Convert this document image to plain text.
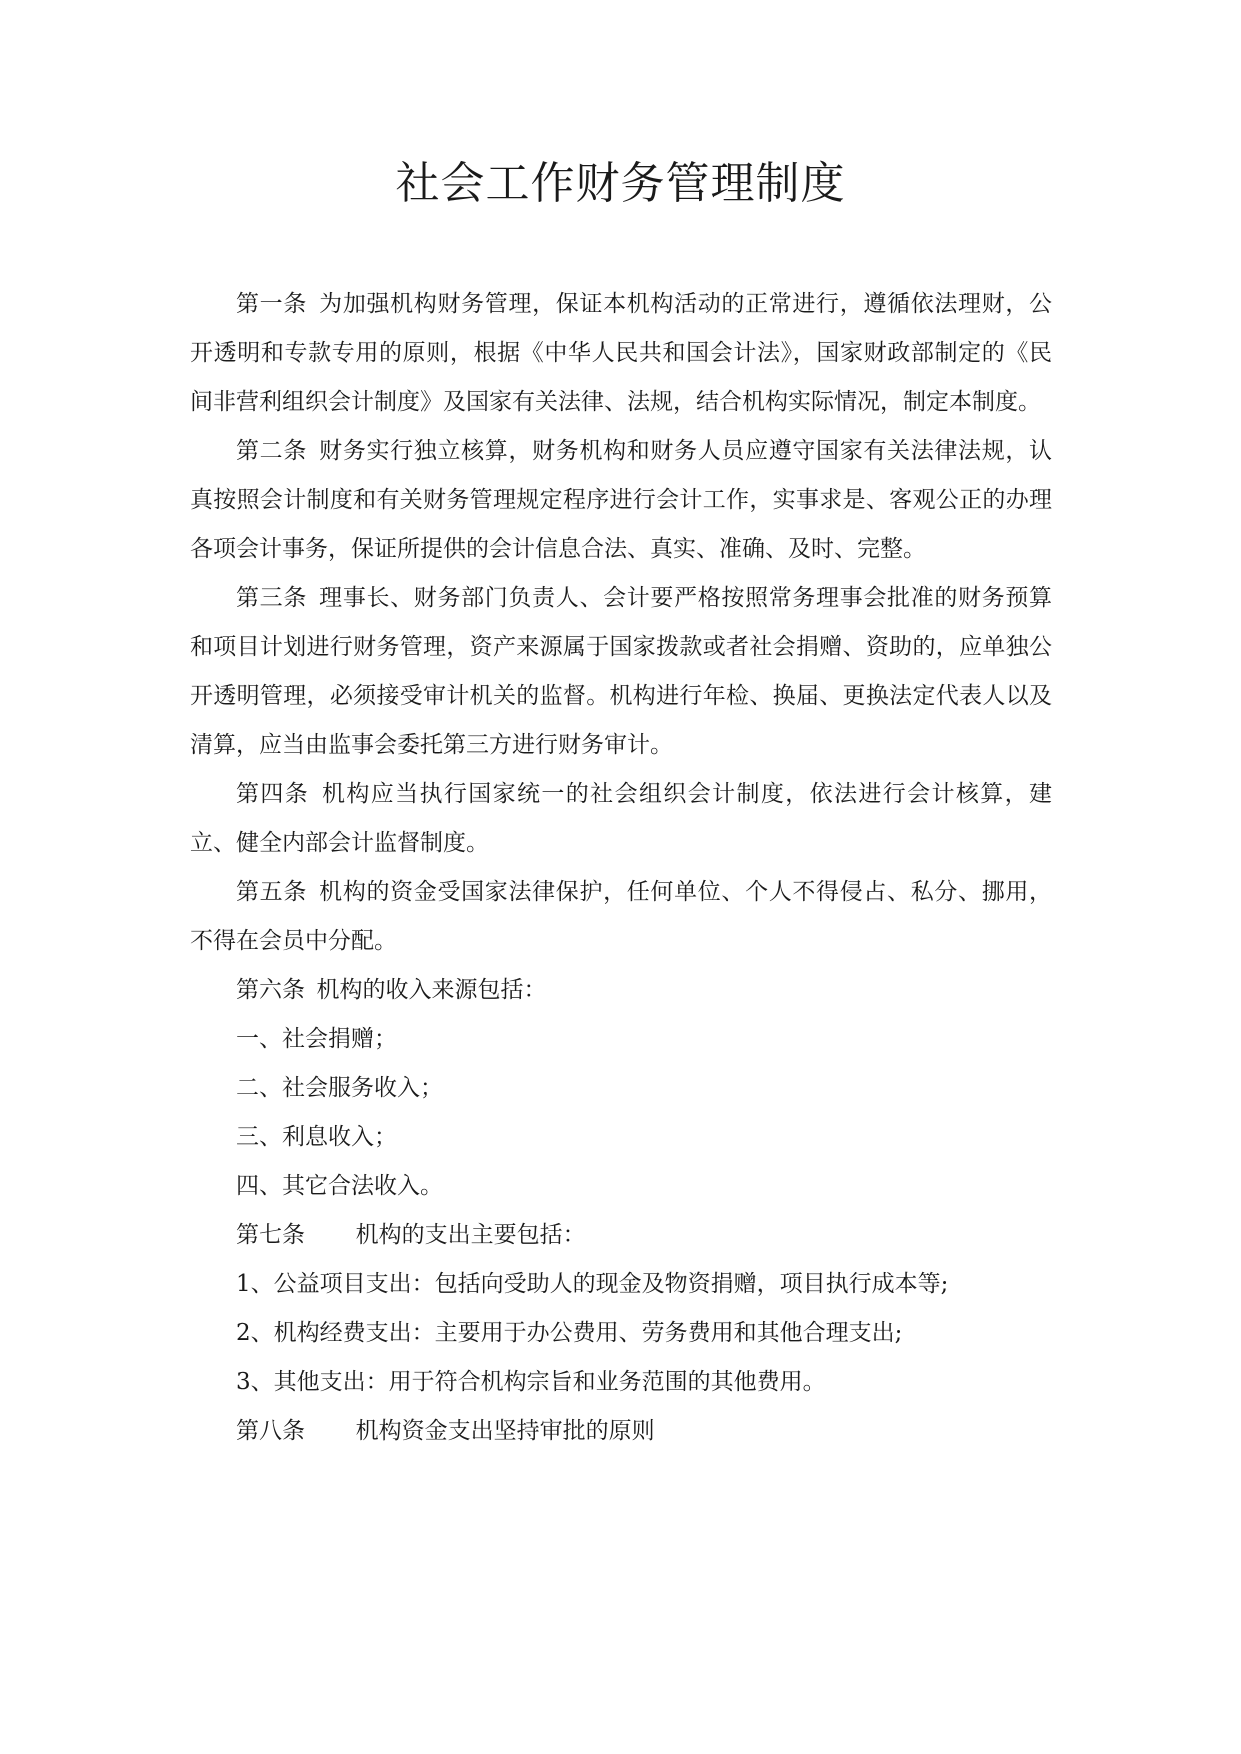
社会工作财务管理制度

第一条 为加强机构财务管理，保证本机构活动的正常进行，遵循依法理财，公开透明和专款专用的原则，根据《中华人民共和国会计法》，国家财政部制定的《民间非营利组织会计制度》及国家有关法律、法规，结合机构实际情况，制定本制度。

第二条 财务实行独立核算，财务机构和财务人员应遵守国家有关法律法规，认真按照会计制度和有关财务管理规定程序进行会计工作，实事求是、客观公正的办理各项会计事务，保证所提供的会计信息合法、真实、准确、及时、完整。

第三条 理事长、财务部门负责人、会计要严格按照常务理事会批准的财务预算和项目计划进行财务管理，资产来源属于国家拨款或者社会捐赠、资助的，应单独公开透明管理，必须接受审计机关的监督。机构进行年检、换届、更换法定代表人以及清算，应当由监事会委托第三方进行财务审计。

第四条 机构应当执行国家统一的社会组织会计制度，依法进行会计核算，建立、健全内部会计监督制度。

第五条 机构的资金受国家法律保护，任何单位、个人不得侵占、私分、挪用，不得在会员中分配。

第六条 机构的收入来源包括：

一、社会捐赠；

二、社会服务收入；

三、利息收入；

四、其它合法收入。

第七条 机构的支出主要包括：

1、公益项目支出：包括向受助人的现金及物资捐赠，项目执行成本等;

2、机构经费支出：主要用于办公费用、劳务费用和其他合理支出;

3、其他支出：用于符合机构宗旨和业务范围的其他费用。

第八条 机构资金支出坚持审批的原则
